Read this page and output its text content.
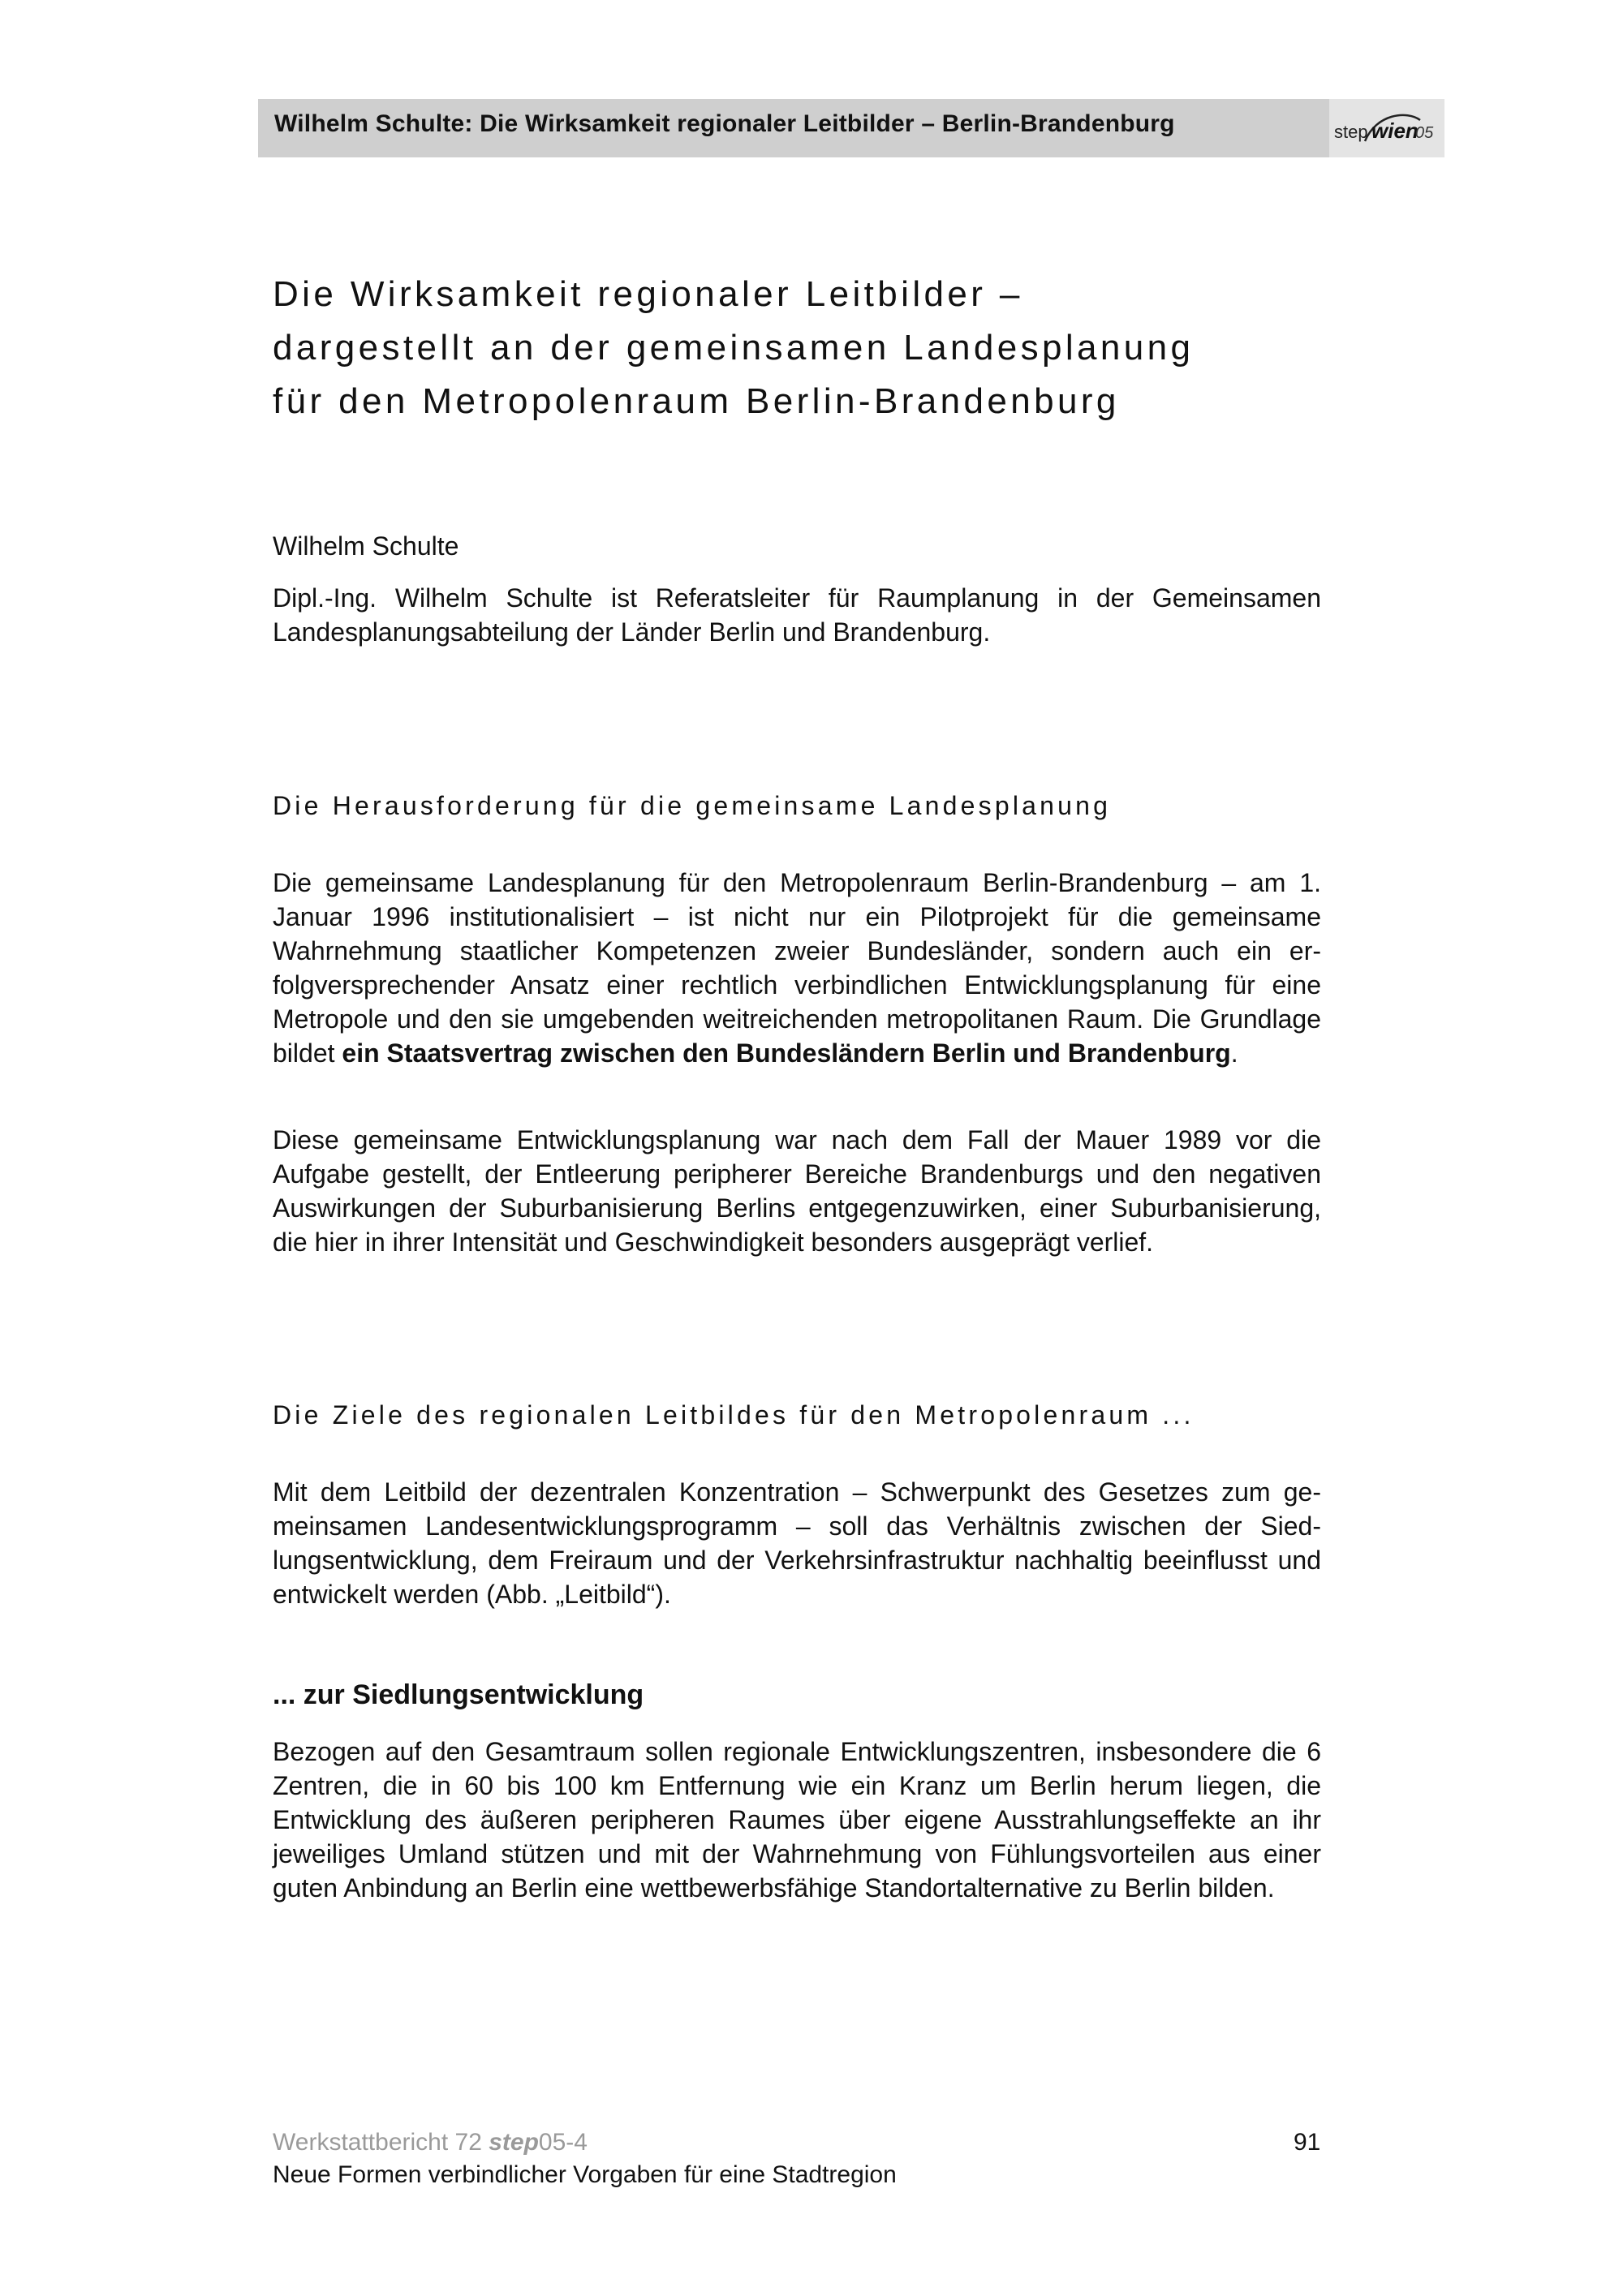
Wilhelm Schulte: Die Wirksamkeit regionaler Leitbilder – Berlin-Brandenburg	step wien
05
Die Wirksamkeit regionaler Leitbilder –
dargestellt an der gemeinsamen Landesplanung
für den Metropolenraum Berlin-Brandenburg

Wilhelm Schulte

Dipl.-Ing. Wilhelm Schulte ist Referatsleiter für Raumplanung in der Gemeinsamen Landesplanungsabteilung der Länder Berlin und Brandenburg.

Die Herausforderung für die gemeinsame Landesplanung

Die gemeinsame Landesplanung für den Metropolenraum Berlin-Brandenburg – am 1. Januar 1996 institutionalisiert – ist nicht nur ein Pilotprojekt für die gemeinsame Wahrnehmung staatlicher Kompetenzen zweier Bundesländer, sondern auch ein erfolgversprechender Ansatz einer rechtlich verbindlichen Entwicklungsplanung für eine Metropole und den sie umgebenden weitreichenden metropolitanen Raum. Die Grundlage bildet ein Staatsvertrag zwischen den Bundesländern Berlin und Brandenburg.

Diese gemeinsame Entwicklungsplanung war nach dem Fall der Mauer 1989 vor die Aufgabe gestellt, der Entleerung peripherer Bereiche Brandenburgs und den negativen Auswirkungen der Suburbanisierung Berlins entgegenzuwirken, einer Suburbanisierung, die hier in ihrer Intensität und Geschwindigkeit besonders ausgeprägt verlief.

Die Ziele des regionalen Leitbildes für den Metropolenraum ...

Mit dem Leitbild der dezentralen Konzentration – Schwerpunkt des Gesetzes zum gemeinsamen Landesentwicklungsprogramm – soll das Verhältnis zwischen der Siedlungsentwicklung, dem Freiraum und der Verkehrsinfrastruktur nachhaltig beeinflusst und entwickelt werden (Abb. „Leitbild“).

... zur Siedlungsentwicklung

Bezogen auf den Gesamtraum sollen regionale Entwicklungszentren, insbesondere die 6 Zentren, die in 60 bis 100 km Entfernung wie ein Kranz um Berlin herum liegen, die Entwicklung des äußeren peripheren Raumes über eigene Ausstrahlungseffekte an ihr jeweiliges Umland stützen und mit der Wahrnehmung von Fühlungsvorteilen aus einer guten Anbindung an Berlin eine wettbewerbsfähige Standortalternative zu Berlin bilden.

Werkstattbericht 72 step05-4
Neue Formen verbindlicher Vorgaben für eine Stadtregion
91
